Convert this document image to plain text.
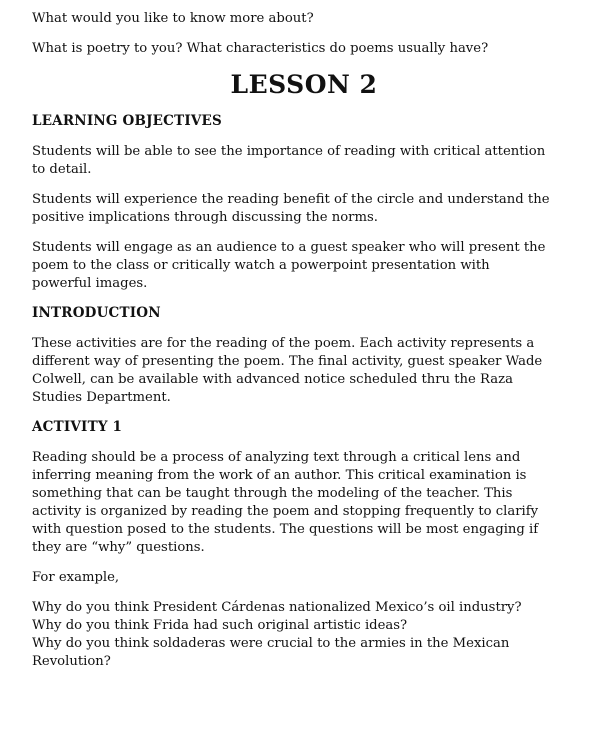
What would you like to know more about?

What is poetry to you? What characteristics do poems usually have?

LESSON 2
LEARNING OBJECTIVES

Students will be able to see the importance of reading with critical attention
to detail.

Students will experience the reading benefit of the circle and understand the
positive implications through discussing the norms.

Students will engage as an audience to a guest speaker who will present the
poem to the class or critically watch a powerpoint presentation with
powerful images.

INTRODUCTION

These activities are for the reading of the poem. Each activity represents a
different way of presenting the poem. The final activity, guest speaker Wade
Colwell, can be available with advanced notice scheduled thru the Raza
Studies Department.

ACTIVITY 1

Reading should be a process of analyzing text through a critical lens and
inferring meaning from the work of an author. This critical examination is
something that can be taught through the modeling of the teacher. This
activity is organized by reading the poem and stopping frequently to clarify
with question posed to the students. The questions will be most engaging if
they are “why” questions.

For example,

Why do you think President Cárdenas nationalized Mexico’s oil industry?
Why do you think Frida had such original artistic ideas?
Why do you think soldaderas were crucial to the armies in the Mexican
Revolution?
